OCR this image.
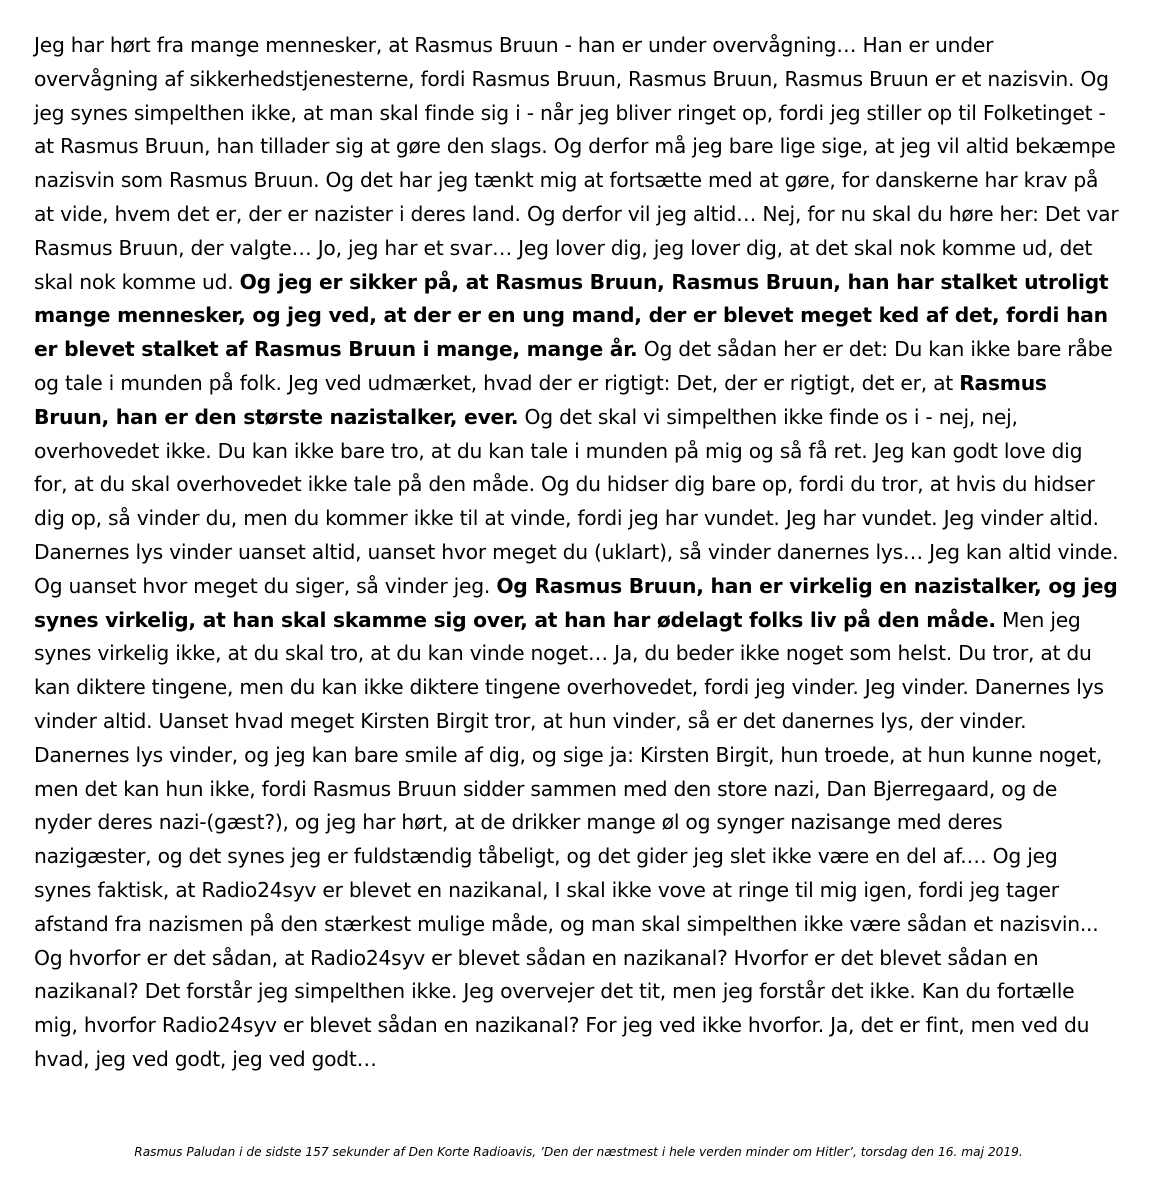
Jeg har hørt fra mange mennesker, at Rasmus Bruun - han er under overvågning… Han er under overvågning af sikkerhedstjenesterne, fordi Rasmus Bruun, Rasmus Bruun, Rasmus Bruun er et nazisvin. Og jeg synes simpelthen ikke, at man skal finde sig i - når jeg bliver ringet op, fordi jeg stiller op til Folketinget - at Rasmus Bruun, han tillader sig at gøre den slags. Og derfor må jeg bare lige sige, at jeg vil altid bekæmpe nazisvin som Rasmus Bruun. Og det har jeg tænkt mig at fortsætte med at gøre, for danskerne har krav på at vide, hvem det er, der er nazister i deres land. Og derfor vil jeg altid… Nej, for nu skal du høre her: Det var Rasmus Bruun, der valgte… Jo, jeg har et svar… Jeg lover dig, jeg lover dig, at det skal nok komme ud, det skal nok komme ud. Og jeg er sikker på, at Rasmus Bruun, Rasmus Bruun, han har stalket utroligt mange mennesker, og jeg ved, at der er en ung mand, der er blevet meget ked af det, fordi han er blevet stalket af Rasmus Bruun i mange, mange år. Og det sådan her er det: Du kan ikke bare råbe og tale i munden på folk. Jeg ved udmærket, hvad der er rigtigt: Det, der er rigtigt, det er, at Rasmus Bruun, han er den største nazistalker, ever. Og det skal vi simpelthen ikke finde os i - nej, nej, overhovedet ikke. Du kan ikke bare tro, at du kan tale i munden på mig og så få ret. Jeg kan godt love dig for, at du skal overhovedet ikke tale på den måde. Og du hidser dig bare op, fordi du tror, at hvis du hidser dig op, så vinder du, men du kommer ikke til at vinde, fordi jeg har vundet. Jeg har vundet. Jeg vinder altid. Danernes lys vinder uanset altid, uanset hvor meget du (uklart), så vinder danernes lys… Jeg kan altid vinde. Og uanset hvor meget du siger, så vinder jeg. Og Rasmus Bruun, han er virkelig en nazistalker, og jeg synes virkelig, at han skal skamme sig over, at han har ødelagt folks liv på den måde. Men jeg synes virkelig ikke, at du skal tro, at du kan vinde noget… Ja, du beder ikke noget som helst. Du tror, at du kan diktere tingene, men du kan ikke diktere tingene overhovedet, fordi jeg vinder. Jeg vinder. Danernes lys vinder altid. Uanset hvad meget Kirsten Birgit tror, at hun vinder, så er det danernes lys, der vinder. Danernes lys vinder, og jeg kan bare smile af dig, og sige ja: Kirsten Birgit, hun troede, at hun kunne noget, men det kan hun ikke, fordi Rasmus Bruun sidder sammen med den store nazi, Dan Bjerregaard, og de nyder deres nazi-(gæst?), og jeg har hørt, at de drikker mange øl og synger nazisange med deres nazigæster, og det synes jeg er fuldstændig tåbeligt, og det gider jeg slet ikke være en del af.… Og jeg synes faktisk, at Radio24syv er blevet en nazikanal, I skal ikke vove at ringe til mig igen, fordi jeg tager afstand fra nazismen på den stærkest mulige måde, og man skal simpelthen ikke være sådan et nazisvin... Og hvorfor er det sådan, at Radio24syv er blevet sådan en nazikanal? Hvorfor er det blevet sådan en nazikanal? Det forstår jeg simpelthen ikke. Jeg overvejer det tit, men jeg forstår det ikke. Kan du fortælle mig, hvorfor Radio24syv er blevet sådan en nazikanal? For jeg ved ikke hvorfor. Ja, det er fint, men ved du hvad, jeg ved godt, jeg ved godt…

Rasmus Paludan i de sidste 157 sekunder af Den Korte Radioavis, ’Den der næstmest i hele verden minder om Hitler’, torsdag den 16. maj 2019.
